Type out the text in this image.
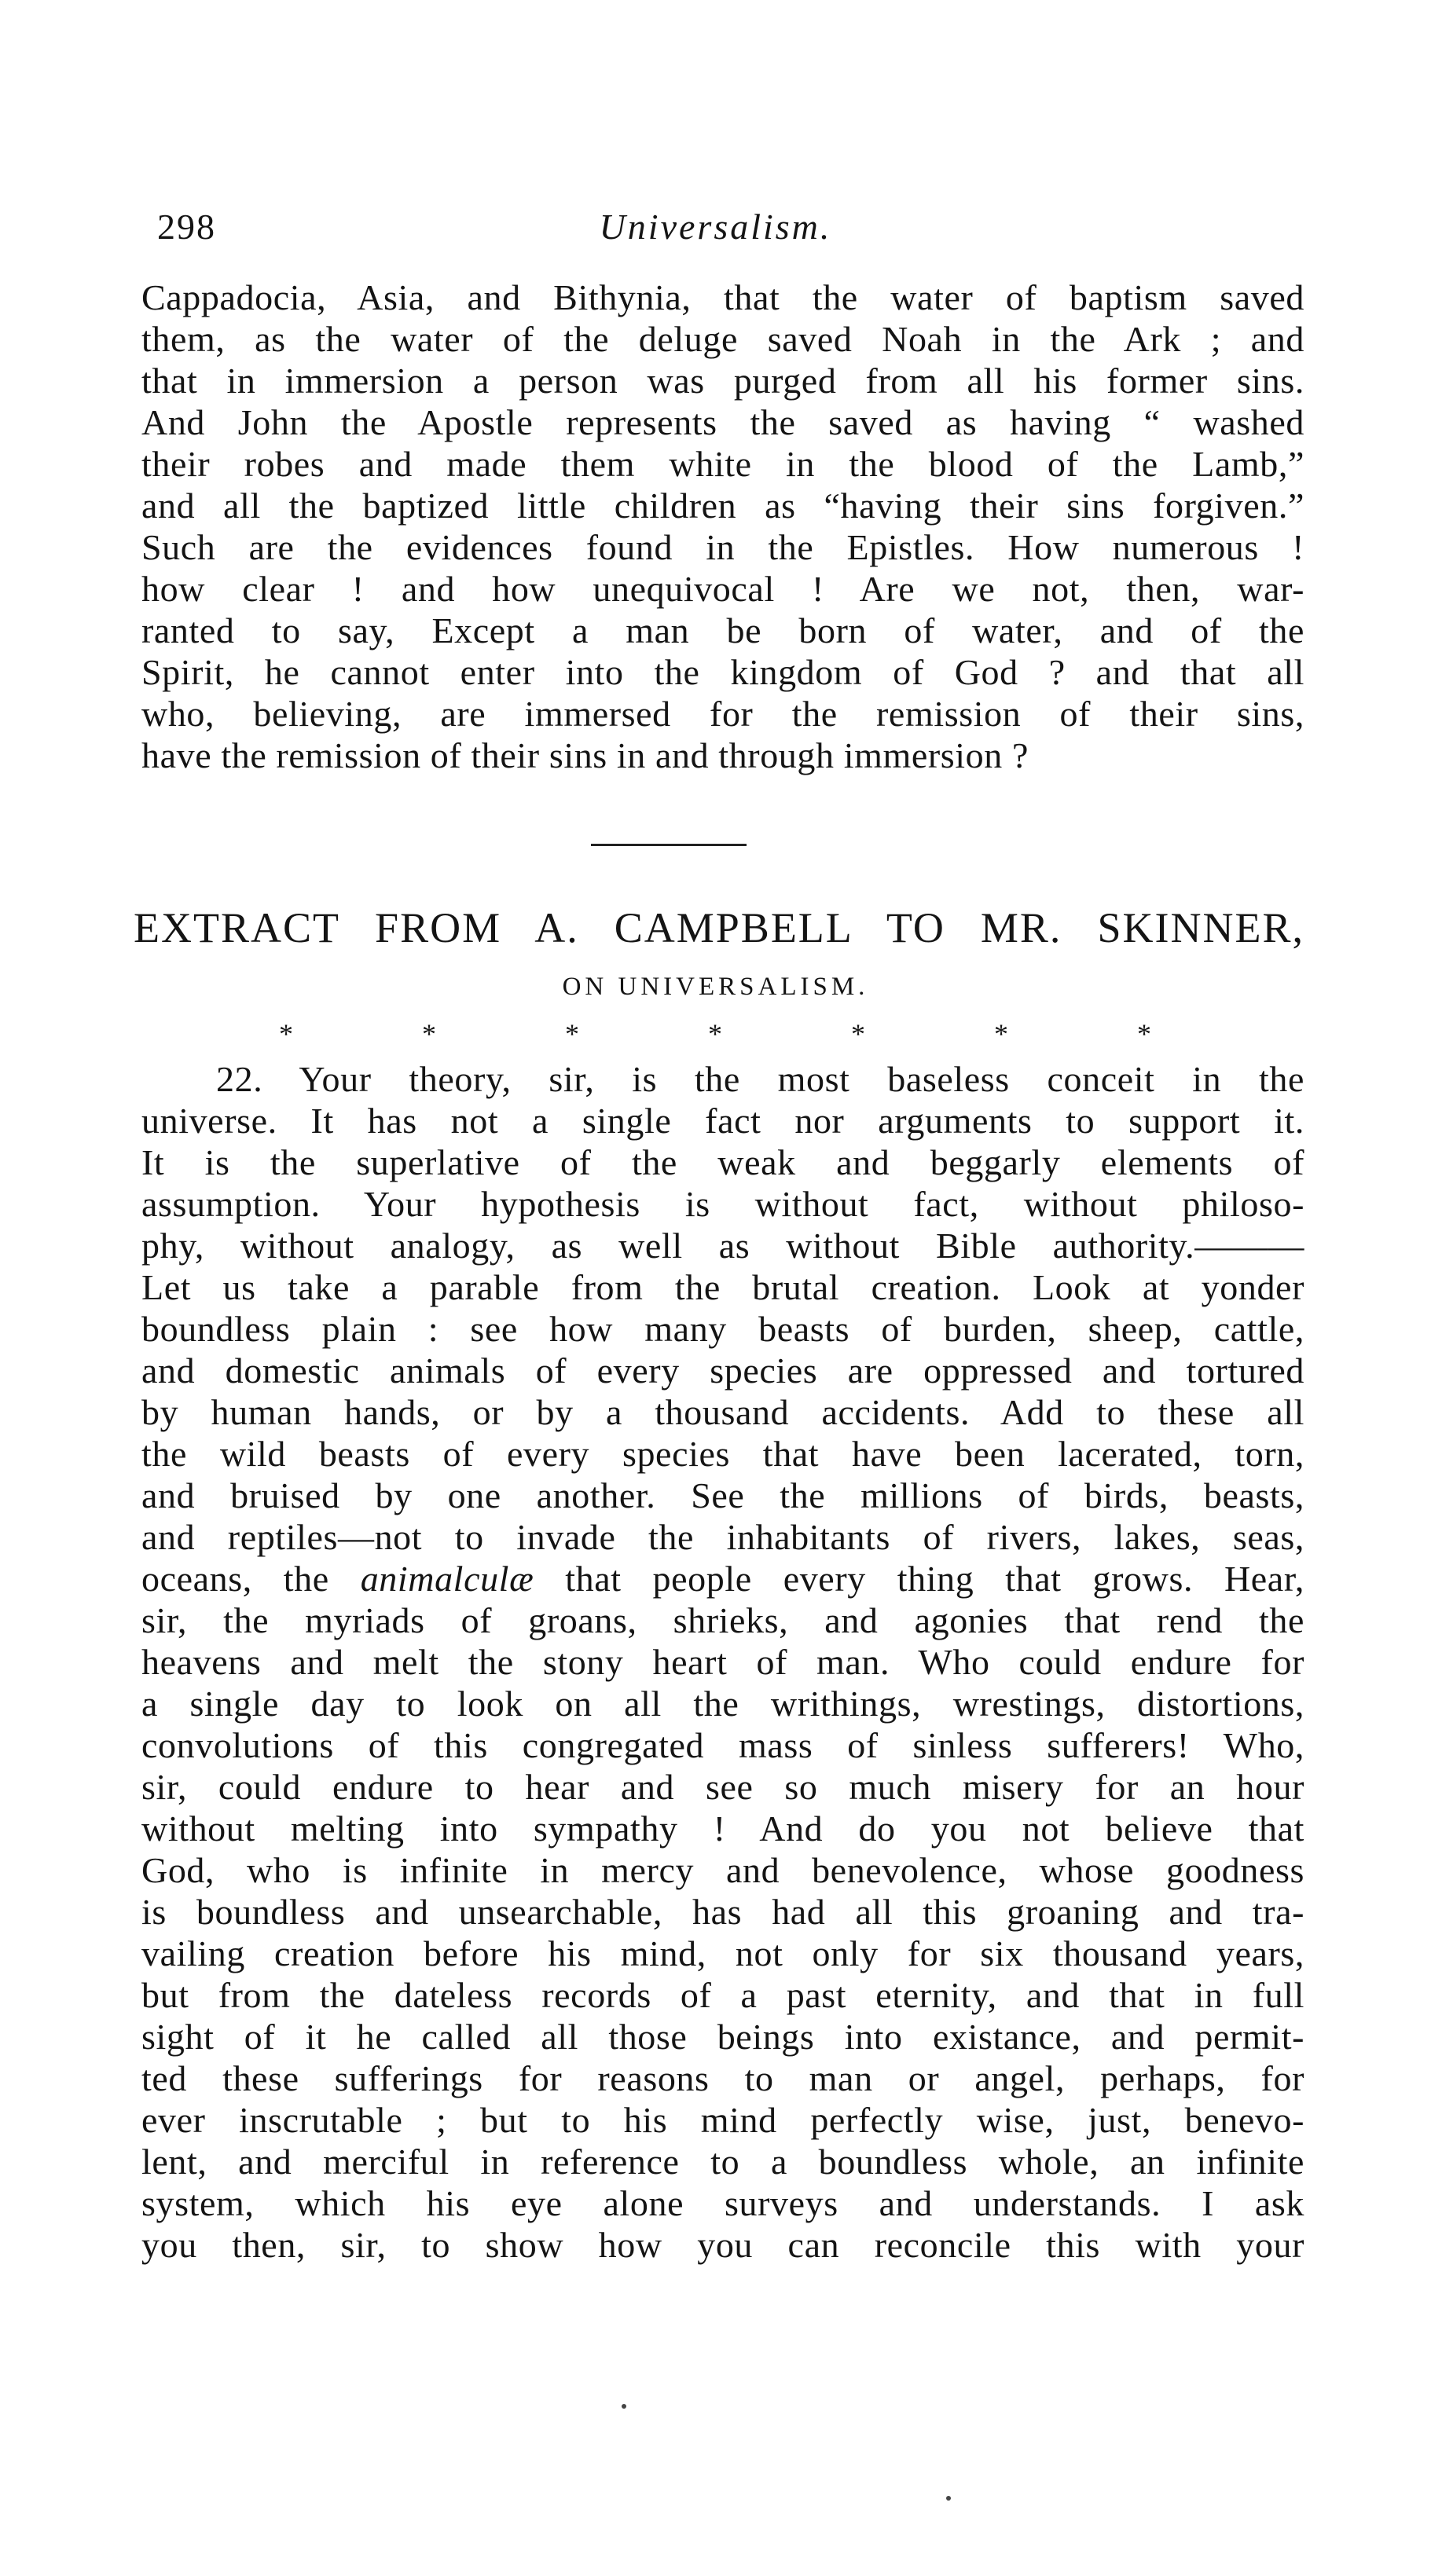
298	Universalism.
Cappadocia, Asia, and Bithynia, that the water of baptism saved
them, as the water of the deluge saved Noah in the Ark ; and
that in immersion a person was purged from all his former sins.
And John the Apostle represents the saved as having “ washed
their robes and made them white in the blood of the Lamb,”
and all the baptized little children as “having their sins forgiven.”
Such are the evidences found in the Epistles. How numerous !
how clear ! and how unequivocal ! Are we not, then, war-
ranted to say, Except a man be born of water, and of the
Spirit, he cannot enter into the kingdom of God ? and that all
who, believing, are immersed for the remission of their sins,
have the remission of their sins in and through immersion ?
EXTRACT FROM A. CAMPBELL TO MR. SKINNER,
ON UNIVERSALISM.
*	*	*	*	*	*	*
22. Your theory, sir, is the most baseless conceit in the
universe. It has not a single fact nor arguments to support it.
It is the superlative of the weak and beggarly elements of
assumption. Your hypothesis is without fact, without philoso-
phy, without analogy, as well as without Bible authority.———
Let us take a parable from the brutal creation. Look at yonder
boundless plain : see how many beasts of burden, sheep, cattle,
and domestic animals of every species are oppressed and tortured
by human hands, or by a thousand accidents. Add to these all
the wild beasts of every species that have been lacerated, torn,
and bruised by one another. See the millions of birds, beasts,
and reptiles—not to invade the inhabitants of rivers, lakes, seas,
oceans, the animalculæ that people every thing that grows. Hear,
sir, the myriads of groans, shrieks, and agonies that rend the
heavens and melt the stony heart of man. Who could endure for
a single day to look on all the writhings, wrestings, distortions,
convolutions of this congregated mass of sinless sufferers! Who,
sir, could endure to hear and see so much misery for an hour
without melting into sympathy ! And do you not believe that
God, who is infinite in mercy and benevolence, whose goodness
is boundless and unsearchable, has had all this groaning and tra-
vailing creation before his mind, not only for six thousand years,
but from the dateless records of a past eternity, and that in full
sight of it he called all those beings into existance, and permit-
ted these sufferings for reasons to man or angel, perhaps, for
ever inscrutable ; but to his mind perfectly wise, just, benevo-
lent, and merciful in reference to a boundless whole, an infinite
system, which his eye alone surveys and understands. I ask
you then, sir, to show how you can reconcile this with your
